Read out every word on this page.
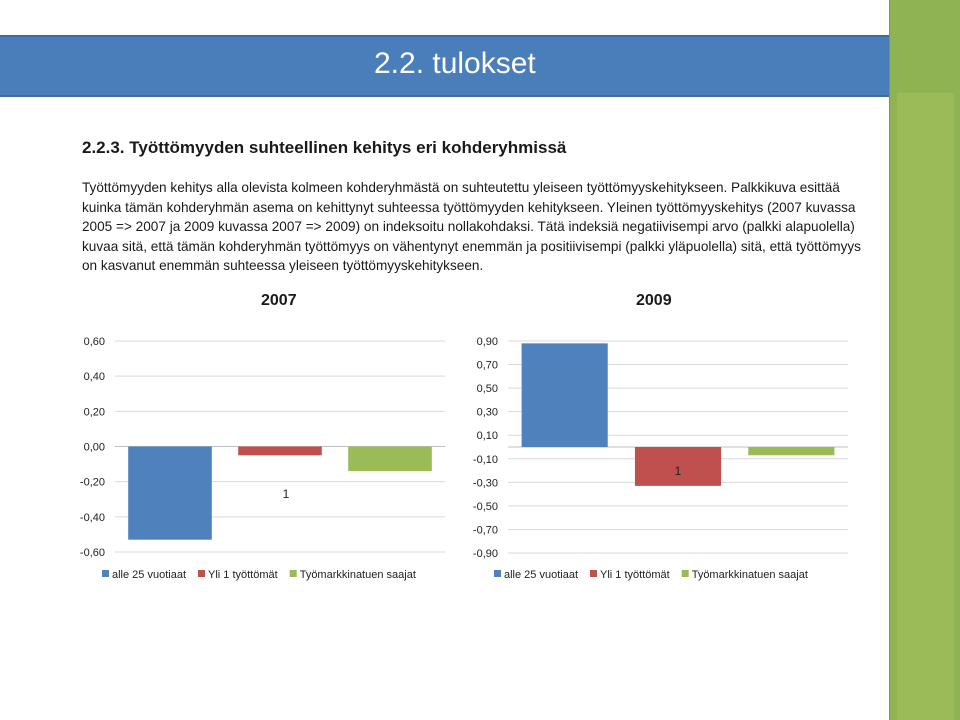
2.2. tulokset
2.2.3. Työttömyyden suhteellinen kehitys eri kohderyhmissä
Työttömyyden kehitys alla olevista kolmeen kohderyhmästä on suhteutettu yleiseen työttömyyskehitykseen. Palkkikuva esittää kuinka tämän kohderyhmän asema on kehittynyt suhteessa työttömyyden kehitykseen. Yleinen työttömyyskehitys (2007 kuvassa 2005 => 2007 ja 2009 kuvassa 2007 => 2009) on indeksoitu nollakohdaksi. Tätä indeksiä negatiivisempi arvo (palkki alapuolella) kuvaa sitä, että tämän kohderyhmän työttömyys on vähentynyt enemmän ja positiivisempi (palkki yläpuolella) sitä, että työttömyys on kasvanut enemmän suhteessa yleiseen työttömyyskehitykseen.
2007	2009
0,60
0,40
0,20
0,00
-0,20
-0,40
-0,60
1
alle 25 vuotiaat Yli 1 työttömät Työmarkkinatuen saajat
0,90
0,70
0,50
0,30
0,10
-0,10
-0,30
-0,50
-0,70
-0,90
1
alle 25 vuotiaat Yli 1 työttömät Työmarkkinatuen saajat
